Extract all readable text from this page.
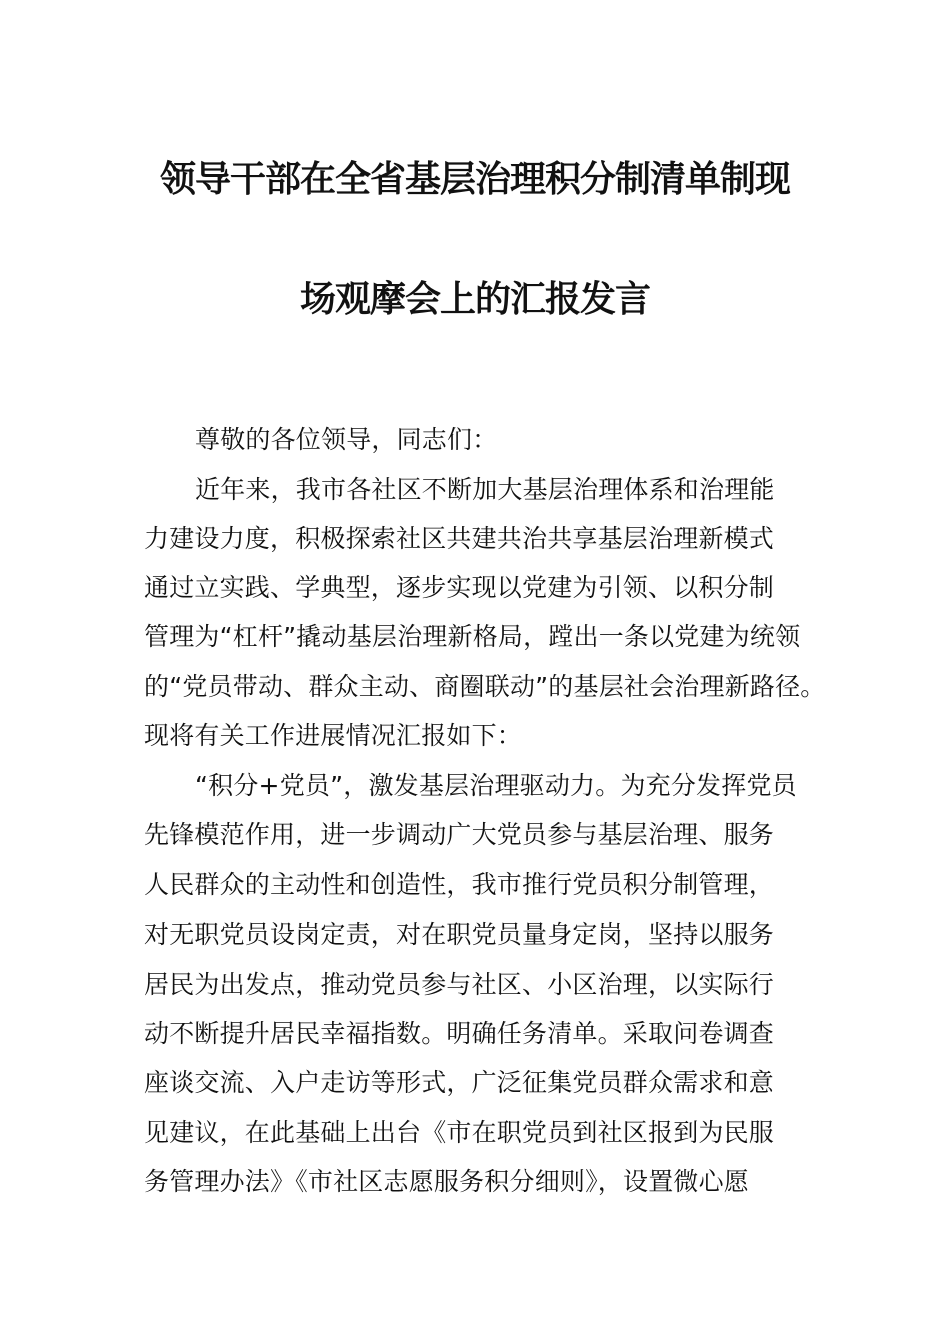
领导干部在全省基层治理积分制清单制现
场观摩会上的汇报发言
尊敬的各位领导，同志们：
近年来，我市各社区不断加大基层治理体系和治理能
力建设力度，积极探索社区共建共治共享基层治理新模式
通过立实践、学典型，逐步实现以党建为引领、以积分制
管理为“杠杆”撬动基层治理新格局，蹚出一条以党建为统领
的“党员带动、群众主动、商圈联动”的基层社会治理新路径。
现将有关工作进展情况汇报如下：
“积分+党员”，激发基层治理驱动力。为充分发挥党员
先锋模范作用，进一步调动广大党员参与基层治理、服务
人民群众的主动性和创造性，我市推行党员积分制管理，
对无职党员设岗定责，对在职党员量身定岗，坚持以服务
居民为出发点，推动党员参与社区、小区治理，以实际行
动不断提升居民幸福指数。明确任务清单。采取问卷调查
座谈交流、入户走访等形式，广泛征集党员群众需求和意
见建议，在此基础上出台《市在职党员到社区报到为民服
务管理办法》《市社区志愿服务积分细则》，设置微心愿
